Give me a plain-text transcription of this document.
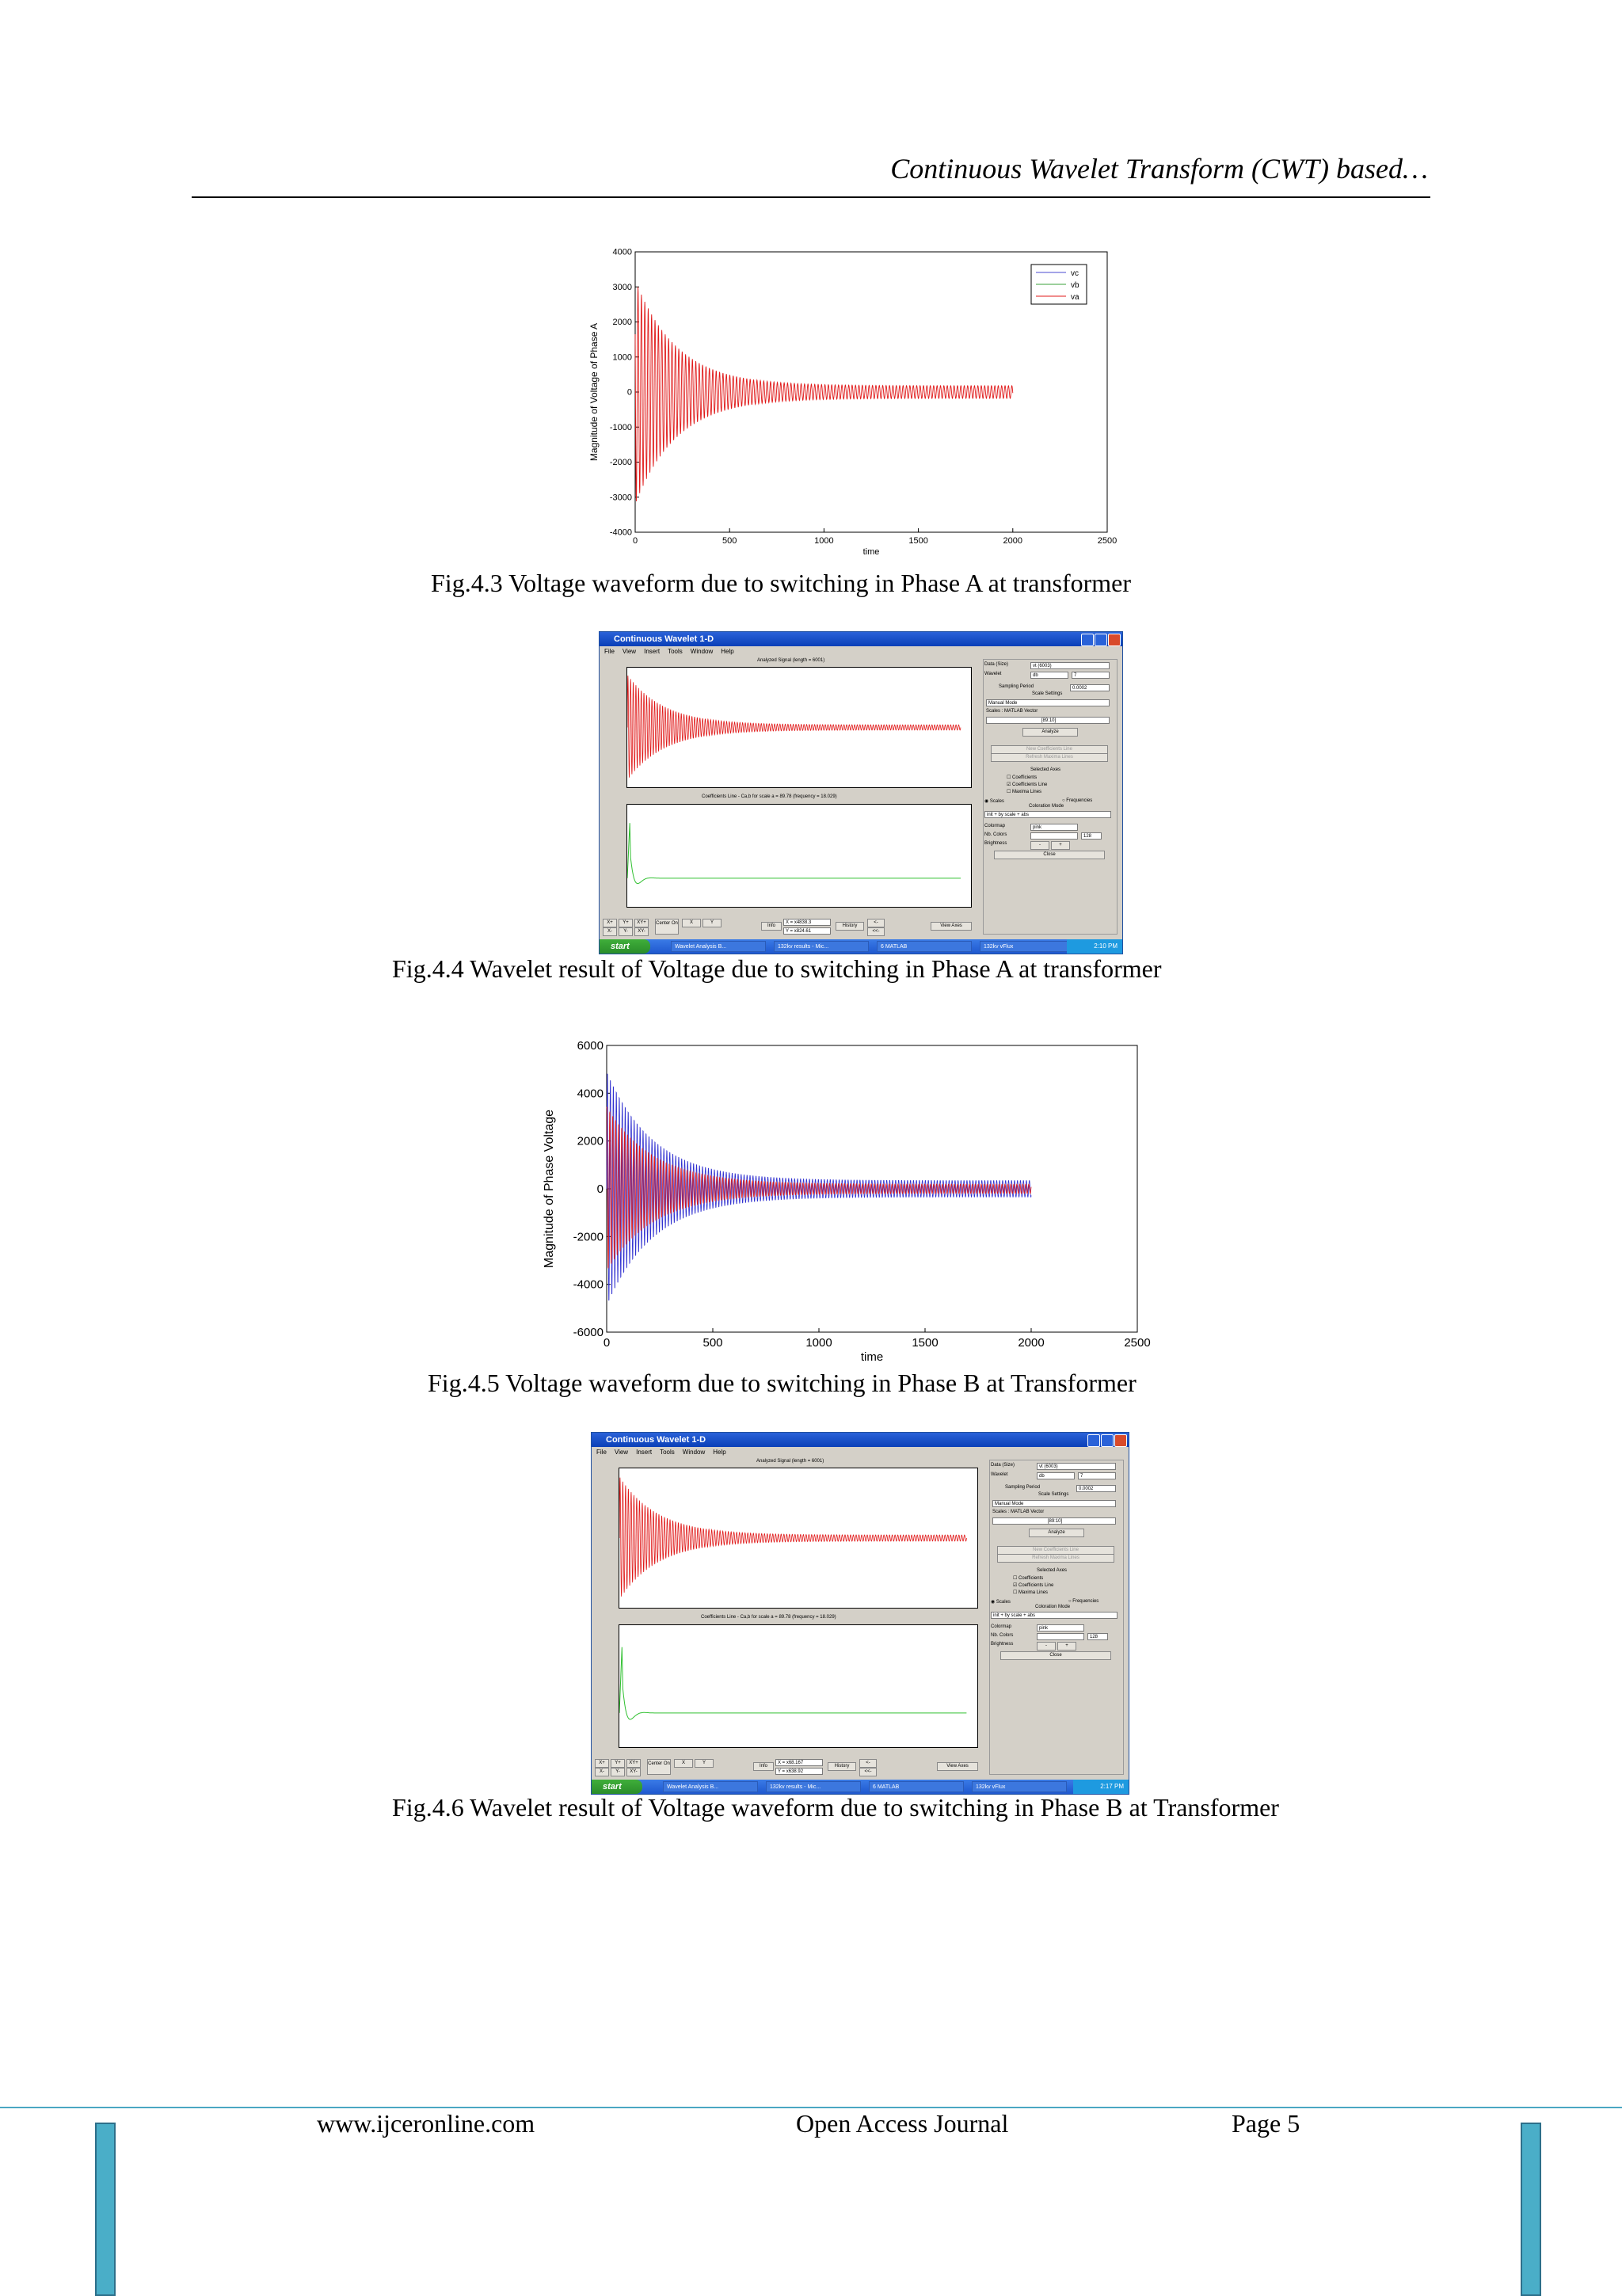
Continuous Wavelet Transform (CWT) based…
0	500	1000	1500	2000	2500
4000
3000
2000
1000
0
-1000
-2000
-3000
-4000
time
Magnitude of Voltage of Phase A
vc
vb
va
Fig.4.3 Voltage waveform due to switching in Phase A at transformer
Continuous Wavelet 1-D
File View Insert Tools Window Help
Analyzed Signal (length = 6001)
Coefficients Line - Ca,b for scale a = 89.78 (frequency = 18.029)
Data (Size)	vt (6003)
Wavelet	db	7
Sampling Period	0.0002
Scale Settings
Manual Mode
Scales : MATLAB Vector
[89:10]
Analyze
New Coefficients Line
Refresh Maxima Lines
Selected Axes
☐ Coefficients
☑ Coefficients Line
☐ Maxima Lines
◉ Scales	○ Frequencies
Coloration Mode
init + by scale + abs
Colormap	pink
Nb. Colors	128
Brightness	-	+
Close
X+	Y+	XY+
X-	Y-	XY-
Center On	X	Y
Info
X = x4838.3
Y = x824.61
History
<-
<<-
View Axes
start	Wavelet Analysis B...	132kv results - Mic...	6 MATLAB	132kv vFlux	2:10 PM
Fig.4.4 Wavelet result of Voltage due to switching in Phase A at transformer
0	500	1000	1500	2000	2500
6000
4000
2000
0
-2000
-4000
-6000
time
Magnitude of Phase Voltage
Fig.4.5 Voltage waveform due to switching in Phase B at Transformer
Continuous Wavelet 1-D
File View Insert Tools Window Help
Analyzed Signal (length = 6001)
Coefficients Line - Ca,b for scale a = 89.78 (frequency = 18.029)
Data (Size)	vt (6003)
Wavelet	db	7
Sampling Period	0.0002
Scale Settings
Manual Mode
Scales : MATLAB Vector
[89:10]
Analyze
New Coefficients Line
Refresh Maxima Lines
Selected Axes
☐ Coefficients
☑ Coefficients Line
☐ Maxima Lines
◉ Scales	○ Frequencies
Coloration Mode
init + by scale + abs
Colormap	pink
Nb. Colors	128
Brightness	-	+
Close
X+	Y+	XY+
X-	Y-	XY-
Center On	X	Y
Info
X = x68.167
Y = x638.92
History
<-
<<-
View Axes
start	Wavelet Analysis B...	132kv results - Mic...	6 MATLAB	132kv vFlux	2:17 PM
Fig.4.6 Wavelet result of Voltage waveform due to switching in Phase B at Transformer
www.ijceronline.com	Open Access Journal	Page 5
